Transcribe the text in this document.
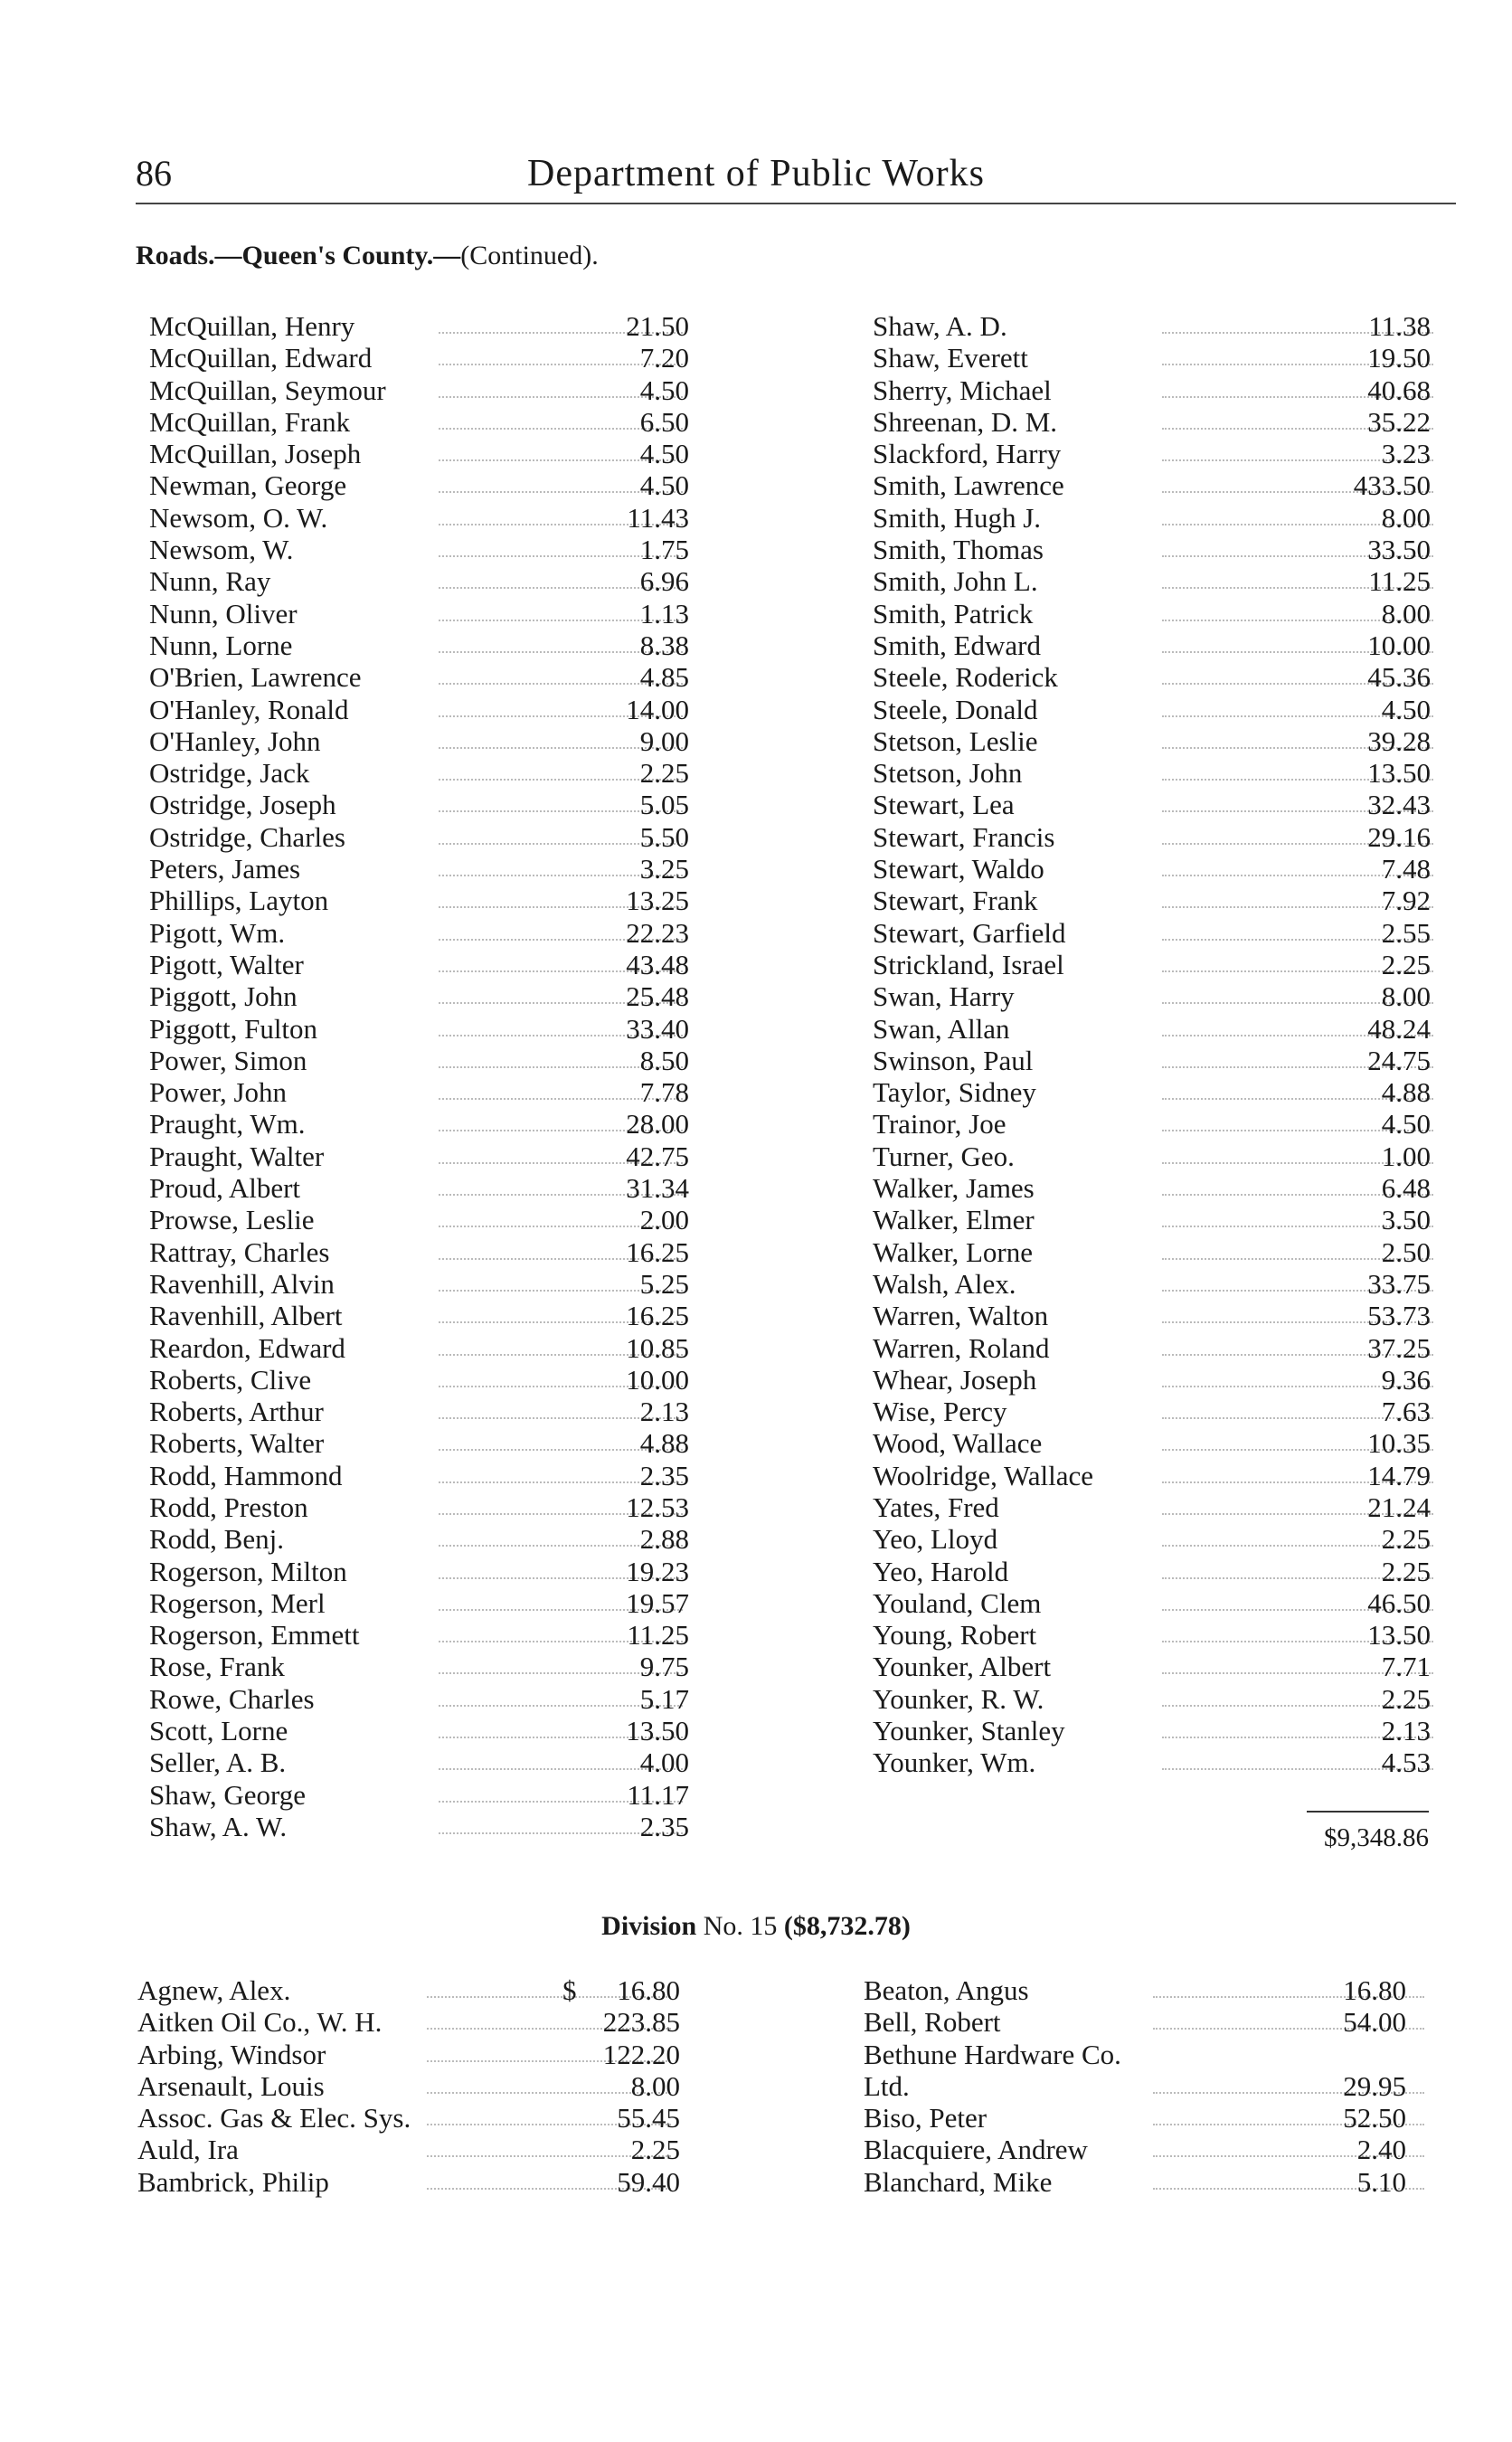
86	Department of Public Works
Roads.—Queen's County.—(Continued).
McQuillan, Henry	21.50
McQuillan, Edward	7.20
McQuillan, Seymour	4.50
McQuillan, Frank	6.50
McQuillan, Joseph	4.50
Newman, George	4.50
Newsom, O. W.	11.43
Newsom, W.	1.75
Nunn, Ray	6.96
Nunn, Oliver	1.13
Nunn, Lorne	8.38
O'Brien, Lawrence	4.85
O'Hanley, Ronald	14.00
O'Hanley, John	9.00
Ostridge, Jack	2.25
Ostridge, Joseph	5.05
Ostridge, Charles	5.50
Peters, James	3.25
Phillips, Layton	13.25
Pigott, Wm.	22.23
Pigott, Walter	43.48
Piggott, John	25.48
Piggott, Fulton	33.40
Power, Simon	8.50
Power, John	7.78
Praught, Wm.	28.00
Praught, Walter	42.75
Proud, Albert	31.34
Prowse, Leslie	2.00
Rattray, Charles	16.25
Ravenhill, Alvin	5.25
Ravenhill, Albert	16.25
Reardon, Edward	10.85
Roberts, Clive	10.00
Roberts, Arthur	2.13
Roberts, Walter	4.88
Rodd, Hammond	2.35
Rodd, Preston	12.53
Rodd, Benj.	2.88
Rogerson, Milton	19.23
Rogerson, Merl	19.57
Rogerson, Emmett	11.25
Rose, Frank	9.75
Rowe, Charles	5.17
Scott, Lorne	13.50
Seller, A. B.	4.00
Shaw, George	11.17
Shaw, A. W.	2.35
Shaw, A. D.	11.38
Shaw, Everett	19.50
Sherry, Michael	40.68
Shreenan, D. M.	35.22
Slackford, Harry	3.23
Smith, Lawrence	433.50
Smith, Hugh J.	8.00
Smith, Thomas	33.50
Smith, John L.	11.25
Smith, Patrick	8.00
Smith, Edward	10.00
Steele, Roderick	45.36
Steele, Donald	4.50
Stetson, Leslie	39.28
Stetson, John	13.50
Stewart, Lea	32.43
Stewart, Francis	29.16
Stewart, Waldo	7.48
Stewart, Frank	7.92
Stewart, Garfield	2.55
Strickland, Israel	2.25
Swan, Harry	8.00
Swan, Allan	48.24
Swinson, Paul	24.75
Taylor, Sidney	4.88
Trainor, Joe	4.50
Turner, Geo.	1.00
Walker, James	6.48
Walker, Elmer	3.50
Walker, Lorne	2.50
Walsh, Alex.	33.75
Warren, Walton	53.73
Warren, Roland	37.25
Whear, Joseph	9.36
Wise, Percy	7.63
Wood, Wallace	10.35
Woolridge, Wallace	14.79
Yates, Fred	21.24
Yeo, Lloyd	2.25
Yeo, Harold	2.25
Youland, Clem	46.50
Young, Robert	13.50
Younker, Albert	7.71
Younker, R. W.	2.25
Younker, Stanley	2.13
Younker, Wm.	4.53
$9,348.86
Division No. 15 ($8,732.78)
Agnew, Alex.	$ 16.80
Aitken Oil Co., W. H.	223.85
Arbing, Windsor	122.20
Arsenault, Louis	8.00
Assoc. Gas & Elec. Sys.	55.45
Auld, Ira	2.25
Bambrick, Philip	59.40
Beaton, Angus	16.80
Bell, Robert	54.00
Bethune Hardware Co.
Ltd.	29.95
Biso, Peter	52.50
Blacquiere, Andrew	2.40
Blanchard, Mike	5.10
